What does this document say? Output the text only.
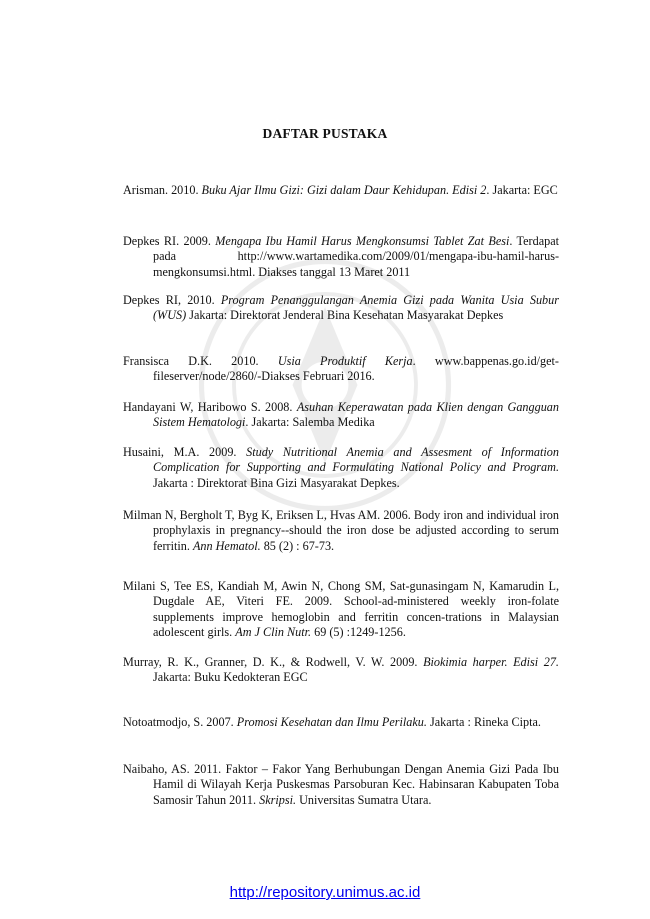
DAFTAR PUSTAKA
Arisman. 2010. Buku Ajar Ilmu Gizi: Gizi dalam Daur Kehidupan. Edisi 2. Jakarta: EGC
Depkes RI. 2009. Mengapa Ibu Hamil Harus Mengkonsumsi Tablet Zat Besi. Terdapat pada http://www.wartamedika.com/2009/01/mengapa-ibu-hamil-harus-mengkonsumsi.html. Diakses tanggal 13 Maret 2011
Depkes RI, 2010. Program Penanggulangan Anemia Gizi pada Wanita Usia Subur (WUS) Jakarta: Direktorat Jenderal Bina Kesehatan Masyarakat Depkes
Fransisca D.K. 2010. Usia Produktif Kerja. www.bappenas.go.id/get-fileserver/node/2860/-Diakses Februari 2016.
Handayani W, Haribowo S. 2008. Asuhan Keperawatan pada Klien dengan Gangguan Sistem Hematologi. Jakarta: Salemba Medika
Husaini, M.A. 2009. Study Nutritional Anemia and Assesment of Information Complication for Supporting and Formulating National Policy and Program. Jakarta : Direktorat Bina Gizi Masyarakat Depkes.
Milman N, Bergholt T, Byg K, Eriksen L, Hvas AM. 2006. Body iron and individual iron prophylaxis in pregnancy--should the iron dose be adjusted according to serum ferritin. Ann Hematol. 85 (2) : 67-73.
Milani S, Tee ES, Kandiah M, Awin N, Chong SM, Sat-gunasingam N, Kamarudin L, Dugdale AE, Viteri FE. 2009. School-ad-ministered weekly iron-folate supplements improve hemoglobin and ferritin concen-trations in Malaysian adolescent girls. Am J Clin Nutr. 69 (5) :1249-1256.
Murray, R. K., Granner, D. K., & Rodwell, V. W. 2009. Biokimia harper. Edisi 27. Jakarta: Buku Kedokteran EGC
Notoatmodjo, S. 2007. Promosi Kesehatan dan Ilmu Perilaku. Jakarta : Rineka Cipta.
Naibaho, AS. 2011. Faktor – Fakor Yang Berhubungan Dengan Anemia Gizi Pada Ibu Hamil di Wilayah Kerja Puskesmas Parsoburan Kec. Habinsaran Kabupaten Toba Samosir Tahun 2011. Skripsi. Universitas Sumatra Utara.
http://repository.unimus.ac.id
